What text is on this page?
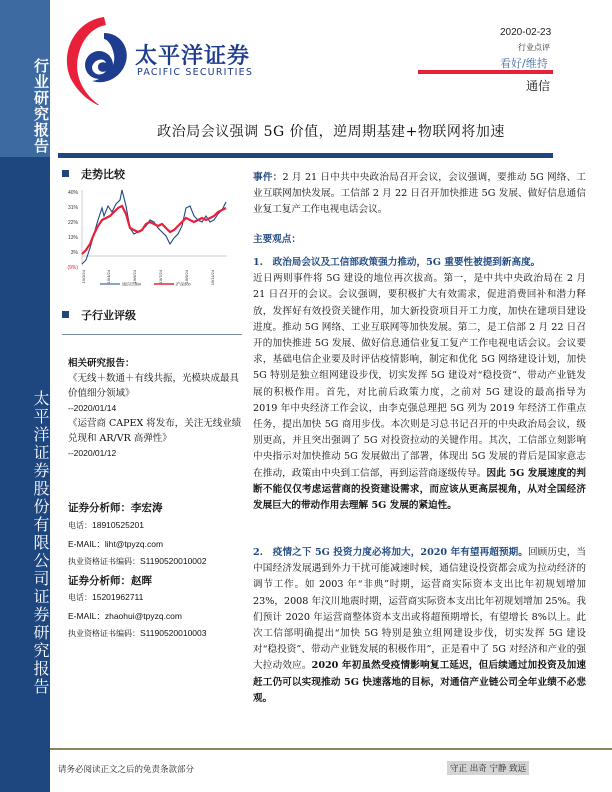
行业研究报告
太平洋证券股份有限公司证券研究报告
太平洋证券
PACIFIC SECURITIES
2020-02-23
行业点评
看好/维持
通信
政治局会议强调 5G 价值，逆周期基建+物联网将加速
走势比较
40%
31%
22%
13%
3%
(9%)
19/2/24	19/4/24	19/6/24	19/7/24	19/9/24	19/11/24
通信设备III	沪深300
子行业评级
相关研究报告：
《无线＋数通＋有线共振，光模块成最具价值细分领域》
--2020/01/14
《运营商 CAPEX 将发布，关注无线业绩兑现和 AR/VR 高弹性》
--2020/01/12
证券分析师：李宏涛
电话：18910525201
E-MAIL：liht@tpyzq.com
执业资格证书编码：S1190520010002
证券分析师：赵晖
电话：15201962711
E-MAIL：zhaohui@tpyzq.com
执业资格证书编码：S1190520010003
事件：2 月 21 日中共中央政治局召开会议，会议强调，要推动 5G 网络、工业互联网加快发展。工信部 2 月 22 日召开加快推进 5G 发展、做好信息通信业复工复产工作电视电话会议。
主要观点：
1.　政治局会议及工信部政策强力推动，5G 重要性被提到新高度。
近日两则事件将 5G 建设的地位再次拔高。第一，是中共中央政治局在 2 月 21 日召开的会议。会议强调，要积极扩大有效需求，促进消费回补和潜力释放，发挥好有效投资关键作用，加大新投资项目开工力度，加快在建项目建设进度。推动 5G 网络、工业互联网等加快发展。第二，是工信部 2 月 22 日召开的加快推进 5G 发展、做好信息通信业复工复产工作电视电话会议。会议要求，基础电信企业要及时评估疫情影响，制定和优化 5G 网络建设计划，加快 5G 特别是独立组网建设步伐，切实发挥 5G 建设对“稳投资”、带动产业链发展的积极作用。首先，对比前后政策力度，之前对 5G 建设的最高指导为 2019 年中央经济工作会议，由李克强总理把 5G 列为 2019 年经济工作重点任务，提出加快 5G 商用步伐。本次则是习总书记召开的中央政治局会议，级别更高，并且突出强调了 5G 对投资拉动的关键作用。其次，工信部立刻影响中央指示对加快推动 5G 发展做出了部署，体现出 5G 发展的背后是国家意志在推动，政策由中央到工信部，再到运营商逐级传导。因此 5G 发展速度的判断不能仅仅考虑运营商的投资建设需求，而应该从更高层视角，从对全国经济发展巨大的带动作用去理解 5G 发展的紧迫性。
2.　疫情之下 5G 投资力度必将加大，2020 年有望再超预期。回顾历史，当中国经济发展遇到外力干扰可能减速时候，通信建设投资都会成为拉动经济的调节工作。如 2003 年“非典”时期，运营商实际资本支出比年初规划增加 23%，2008 年汶川地震时期，运营商实际资本支出比年初规划增加 25%。我们预计 2020 年运营商整体资本支出或将超预期增长，有望增长 8%以上。此次工信部明确提出“加快 5G 特别是独立组网建设步伐，切实发挥 5G 建设对“稳投资”、带动产业链发展的积极作用”，正是看中了 5G 对经济和产业的强大拉动效应。2020 年初虽然受疫情影响复工延迟，但后续通过加投资及加速赶工仍可以实现推动 5G 快速落地的目标，对通信产业链公司全年业绩不必悲观。
请务必阅读正文之后的免责条款部分	守正 出奇 宁静 致远
